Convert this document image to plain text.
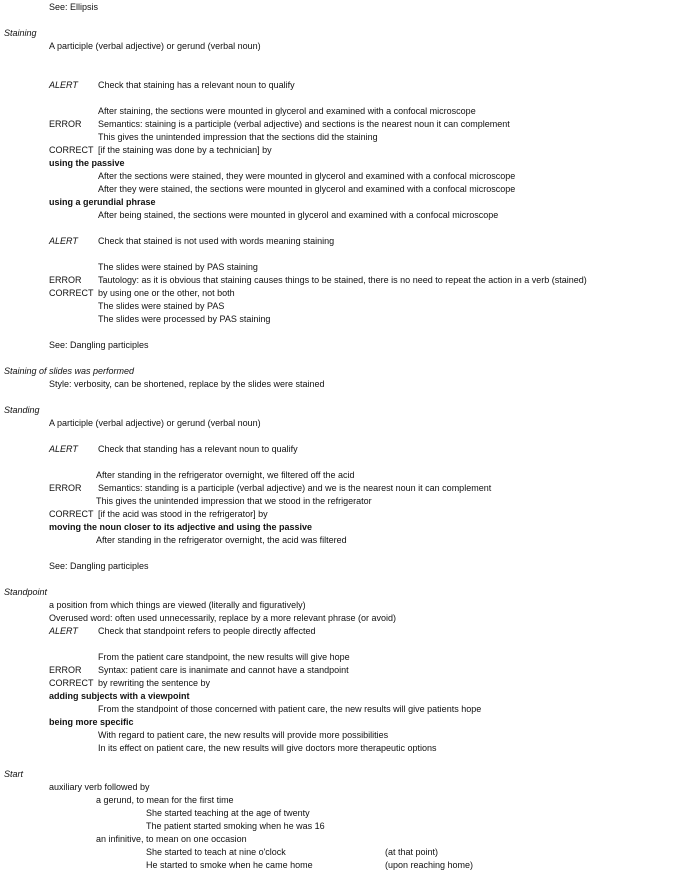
See: Ellipsis
Staining
A participle (verbal adjective) or gerund (verbal noun)
ALERT Check that staining has a relevant noun to qualify
After staining, the sections were mounted in glycerol and examined with a confocal microscope
ERROR Semantics: staining is a participle (verbal adjective) and sections is the nearest noun it can complement
This gives the unintended impression that the sections did the staining
CORRECT [if the staining was done by a technician] by
using the passive
After the sections were stained, they were mounted in glycerol and examined with a confocal microscope
After they were stained, the sections were mounted in glycerol and examined with a confocal microscope
using a gerundial phrase
After being stained, the sections were mounted in glycerol and examined with a confocal microscope
ALERT Check that stained is not used with words meaning staining
The slides were stained by PAS staining
ERROR Tautology: as it is obvious that staining causes things to be stained, there is no need to repeat the action in a verb (stained)
CORRECT by using one or the other, not both
The slides were stained by PAS
The slides were processed by PAS staining
See: Dangling participles
Staining of slides was performed
Style: verbosity, can be shortened, replace by the slides were stained
Standing
A participle (verbal adjective) or gerund (verbal noun)
ALERT Check that standing has a relevant noun to qualify
After standing in the refrigerator overnight, we filtered off the acid
ERROR Semantics: standing is a participle (verbal adjective) and we is the nearest noun it can complement
This gives the unintended impression that we stood in the refrigerator
CORRECT [if the acid was stood in the refrigerator] by
moving the noun closer to its adjective and using the passive
After standing in the refrigerator overnight, the acid was filtered
See: Dangling participles
Standpoint
a position from which things are viewed (literally and figuratively)
Overused word: often used unnecessarily, replace by a more relevant phrase (or avoid)
ALERT Check that standpoint refers to people directly affected
From the patient care standpoint, the new results will give hope
ERROR Syntax: patient care is inanimate and cannot have a standpoint
CORRECT by rewriting the sentence by
adding subjects with a viewpoint
From the standpoint of those concerned with patient care, the new results will give patients hope
being more specific
With regard to patient care, the new results will provide more possibilities
In its effect on patient care, the new results will give doctors more therapeutic options
Start
auxiliary verb followed by
a gerund, to mean for the first time
She started teaching at the age of twenty
The patient started smoking when he was 16
an infinitive, to mean on one occasion
She started to teach at nine o'clock	(at that point)
He started to smoke when he came home	(upon reaching home)
